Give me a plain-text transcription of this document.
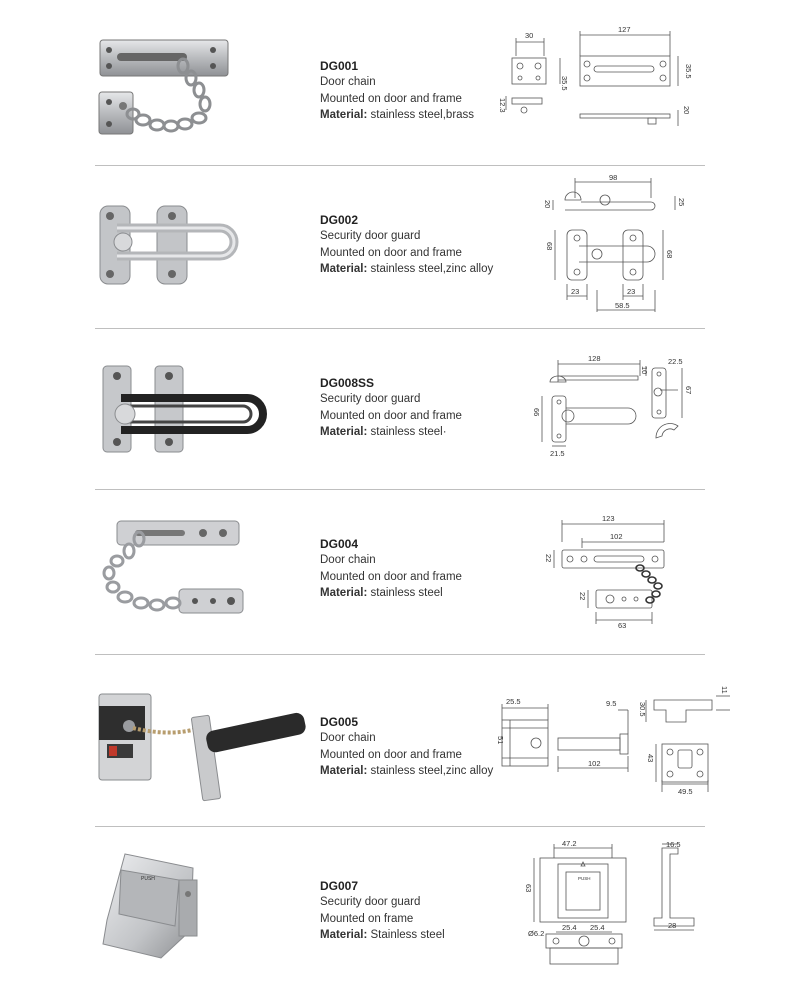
DG001
Door chain
Mounted on door and frame
Material: stainless steel,brass
30
127
35.5
35.5
12.3	20
DG002
Security door guard
Mounted on door and frame
Material: stainless steel,zinc alloy
98
20	25
68
68
23	23
58.5
DG008SS
Security door guard
Mounted on door and frame
Material: stainless steel·
128
10
22.5
66
67
21.5
DG004
Door chain
Mounted on door and frame
Material: stainless steel
123
102
22
22
63
DG005
Door chain
Mounted on door and frame
Material: stainless steel,zinc alloy
25.5	9.5
11
51
30.5
102
43
49.5
PUSH	DG007
Security door guard
Mounted on frame
Material: Stainless steel
47.2	16.5
63
28
Ø6.2
25.4 25.4
PUSH
